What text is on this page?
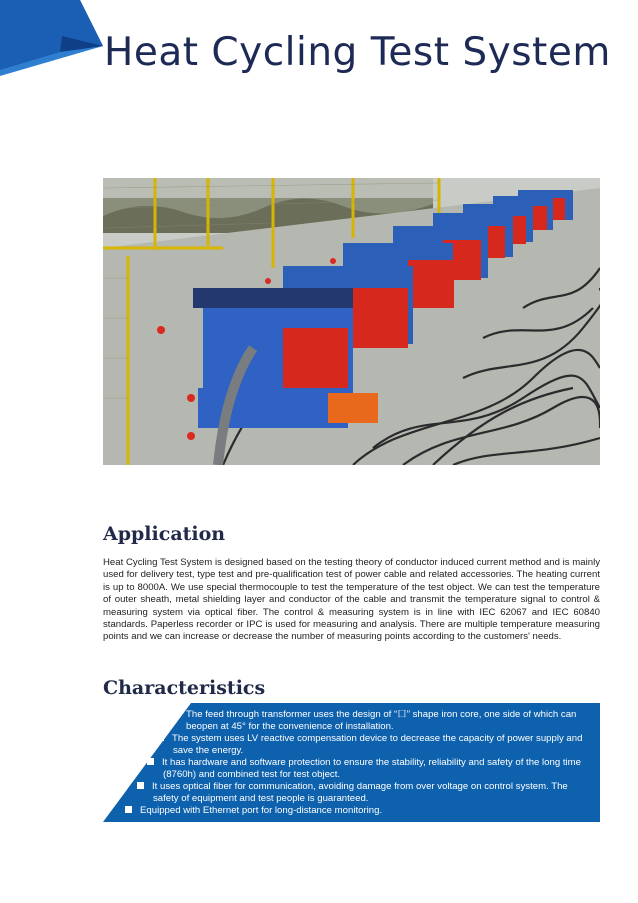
Heat Cycling Test System
Application

Heat Cycling Test System is designed based on the testing theory of conductor induced current method and is mainly used for delivery test, type test and pre-qualification test of power cable and related accessories. The heating current is up to 8000A. We use special thermocouple to test the temperature of the test object. We can test the temperature of outer sheath, metal shielding layer and conductor of the cable and transmit the temperature signal to control & measuring system via optical fiber. The control & measuring system is in line with IEC 62067 and IEC 60840 standards. Paperless recorder or IPC is used for measuring and analysis. There are multiple temperature measuring points and we can increase or decrease the number of measuring points according to the customers' needs.

Characteristics
The feed through transformer uses the design of “口” shape iron core, one side of which can
beopen at 45° for the convenience of installation.
The system uses LV reactive compensation device to decrease the capacity of power supply and
save the energy.
It has hardware and software protection to ensure the stability, reliability and safety of the long time
(8760h) and combined test for test object.
It uses optical fiber for communication, avoiding damage from over voltage on control system. The
safety of equipment and test people is guaranteed.
Equipped with Ethernet port for long-distance monitoring.
